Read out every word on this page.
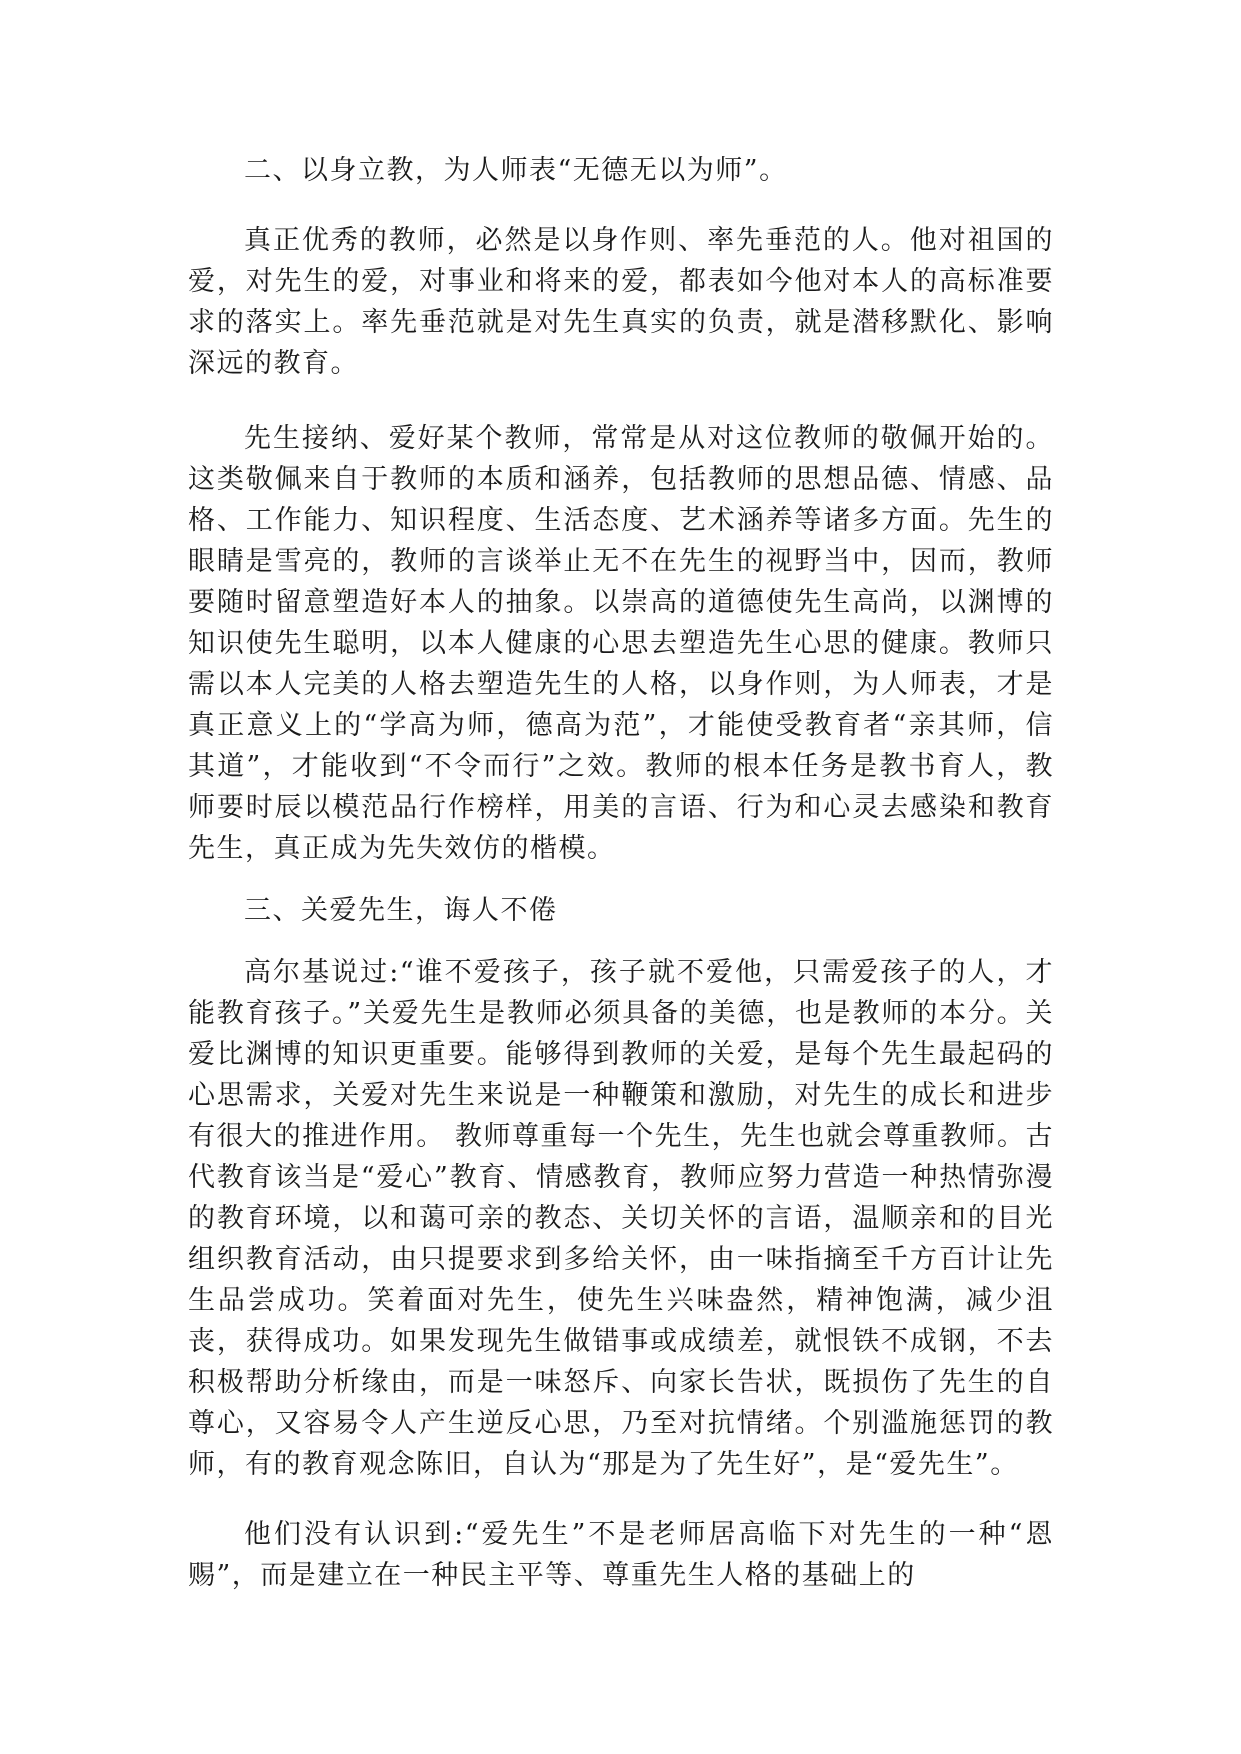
二、以身立教，为人师表“无德无以为师”。

真正优秀的教师，必然是以身作则、率先垂范的人。他对祖国的爱，对先生的爱，对事业和将来的爱，都表如今他对本人的高标准要求的落实上。率先垂范就是对先生真实的负责，就是潜移默化、影响深远的教育。

先生接纳、爱好某个教师，常常是从对这位教师的敬佩开始的。这类敬佩来自于教师的本质和涵养，包括教师的思想品德、情感、品格、工作能力、知识程度、生活态度、艺术涵养等诸多方面。先生的眼睛是雪亮的，教师的言谈举止无不在先生的视野当中，因而，教师要随时留意塑造好本人的抽象。以崇高的道德使先生高尚，以渊博的知识使先生聪明，以本人健康的心思去塑造先生心思的健康。教师只需以本人完美的人格去塑造先生的人格，以身作则，为人师表，才是真正意义上的“学高为师，德高为范”，才能使受教育者“亲其师，信其道”，才能收到“不令而行”之效。教师的根本任务是教书育人，教师要时辰以模范品行作榜样，用美的言语、行为和心灵去感染和教育先生，真正成为先失效仿的楷模。

三、关爱先生，诲人不倦

高尔基说过:“谁不爱孩子，孩子就不爱他，只需爱孩子的人，才能教育孩子。”关爱先生是教师必须具备的美德，也是教师的本分。关爱比渊博的知识更重要。能够得到教师的关爱，是每个先生最起码的心思需求，关爱对先生来说是一种鞭策和激励，对先生的成长和进步有很大的推进作用。 教师尊重每一个先生，先生也就会尊重教师。古代教育该当是“爱心”教育、情感教育，教师应努力营造一种热情弥漫的教育环境，以和蔼可亲的教态、关切关怀的言语，温顺亲和的目光组织教育活动，由只提要求到多给关怀，由一味指摘至千方百计让先生品尝成功。笑着面对先生，使先生兴味盎然，精神饱满，减少沮丧，获得成功。如果发现先生做错事或成绩差，就恨铁不成钢，不去积极帮助分析缘由，而是一味怒斥、向家长告状，既损伤了先生的自尊心，又容易令人产生逆反心思，乃至对抗情绪。个别滥施惩罚的教师，有的教育观念陈旧，自认为“那是为了先生好”，是“爱先生”。

他们没有认识到:“爱先生”不是老师居高临下对先生的一种“恩赐”，而是建立在一种民主平等、尊重先生人格的基础上的
